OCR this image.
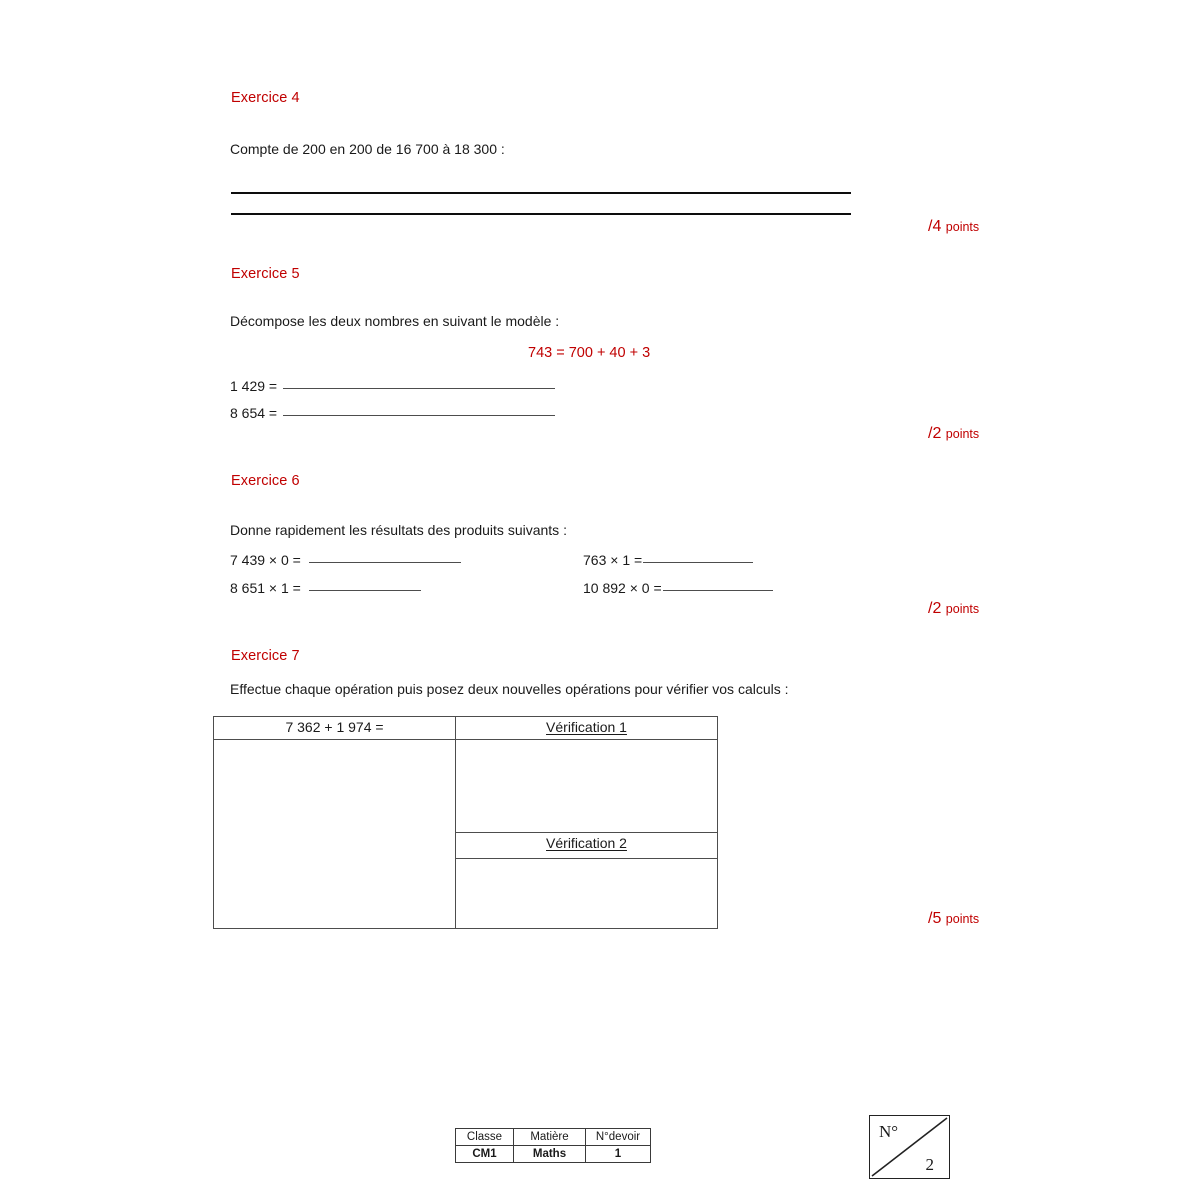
Exercice 4
Compte de 200 en 200 de 16 700 à 18 300 :
/4 points
Exercice 5
Décompose les deux nombres en suivant le modèle :
743 = 700 + 40 + 3
1 429 =
8 654 =
/2 points
Exercice 6
Donne rapidement les résultats des produits suivants :
7 439 × 0 =
8 651 × 1 =
763 × 1 =
10 892 × 0 =
/2 points
Exercice 7
Effectue chaque opération puis posez deux nouvelles opérations pour vérifier vos calculs :
7 362 + 1 974 =	Vérification 1

	Vérification 2

/5 points
Classe	Matière	N°devoir
CM1	Maths	1
N°
2
